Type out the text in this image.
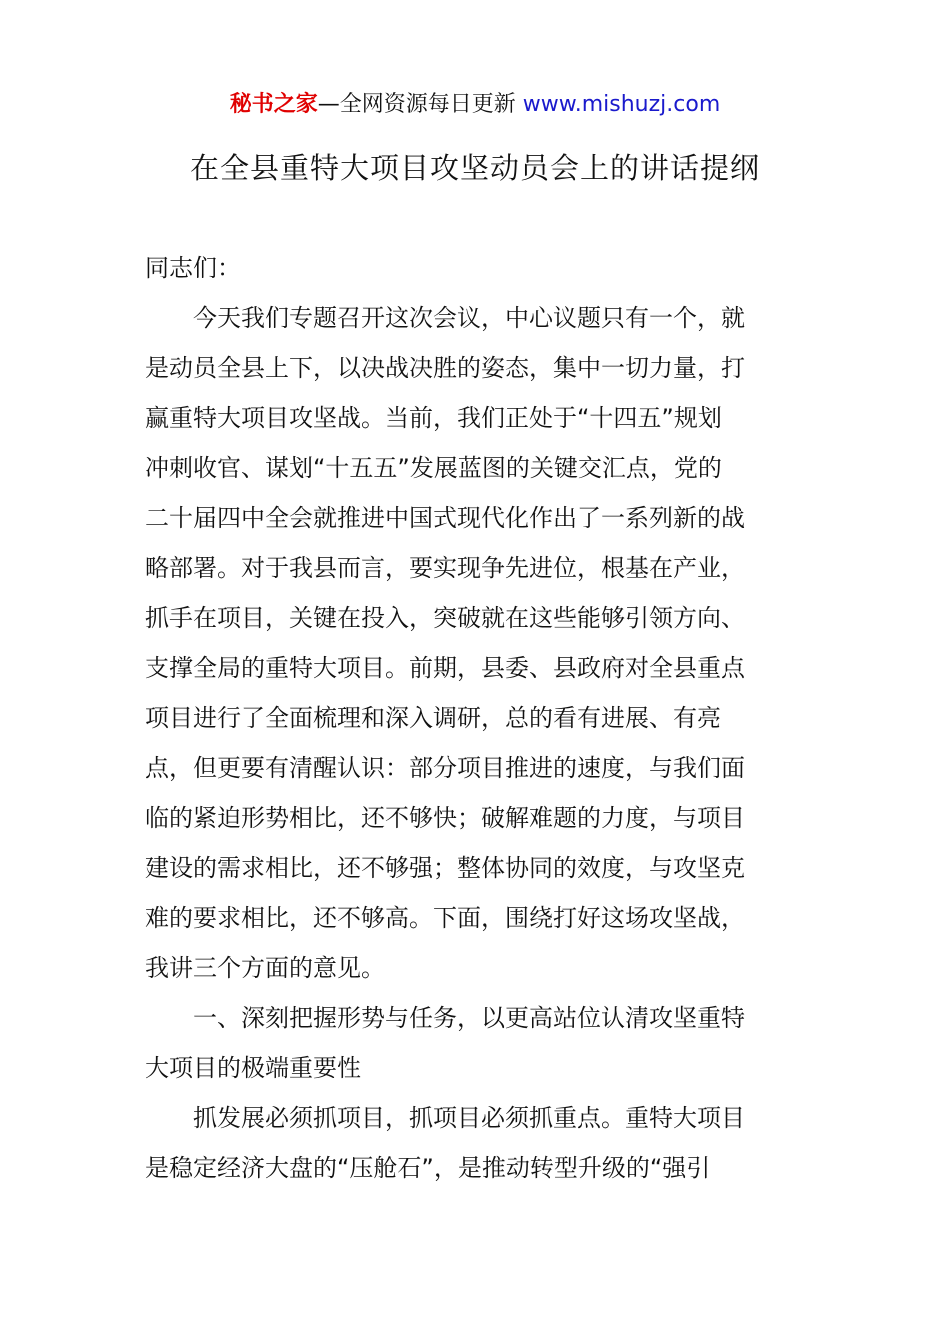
秘书之家—全网资源每日更新 www.mishuzj.com
在全县重特大项目攻坚动员会上的讲话提纲
同志们：
今天我们专题召开这次会议，中心议题只有一个，就
是动员全县上下，以决战决胜的姿态，集中一切力量，打
赢重特大项目攻坚战。当前，我们正处于“十四五”规划
冲刺收官、谋划“十五五”发展蓝图的关键交汇点，党的
二十届四中全会就推进中国式现代化作出了一系列新的战
略部署。对于我县而言，要实现争先进位，根基在产业，
抓手在项目，关键在投入，突破就在这些能够引领方向、
支撑全局的重特大项目。前期，县委、县政府对全县重点
项目进行了全面梳理和深入调研，总的看有进展、有亮
点，但更要有清醒认识：部分项目推进的速度，与我们面
临的紧迫形势相比，还不够快；破解难题的力度，与项目
建设的需求相比，还不够强；整体协同的效度，与攻坚克
难的要求相比，还不够高。下面，围绕打好这场攻坚战，
我讲三个方面的意见。
一、深刻把握形势与任务，以更高站位认清攻坚重特
大项目的极端重要性
抓发展必须抓项目，抓项目必须抓重点。重特大项目
是稳定经济大盘的“压舱石”，是推动转型升级的“强引
